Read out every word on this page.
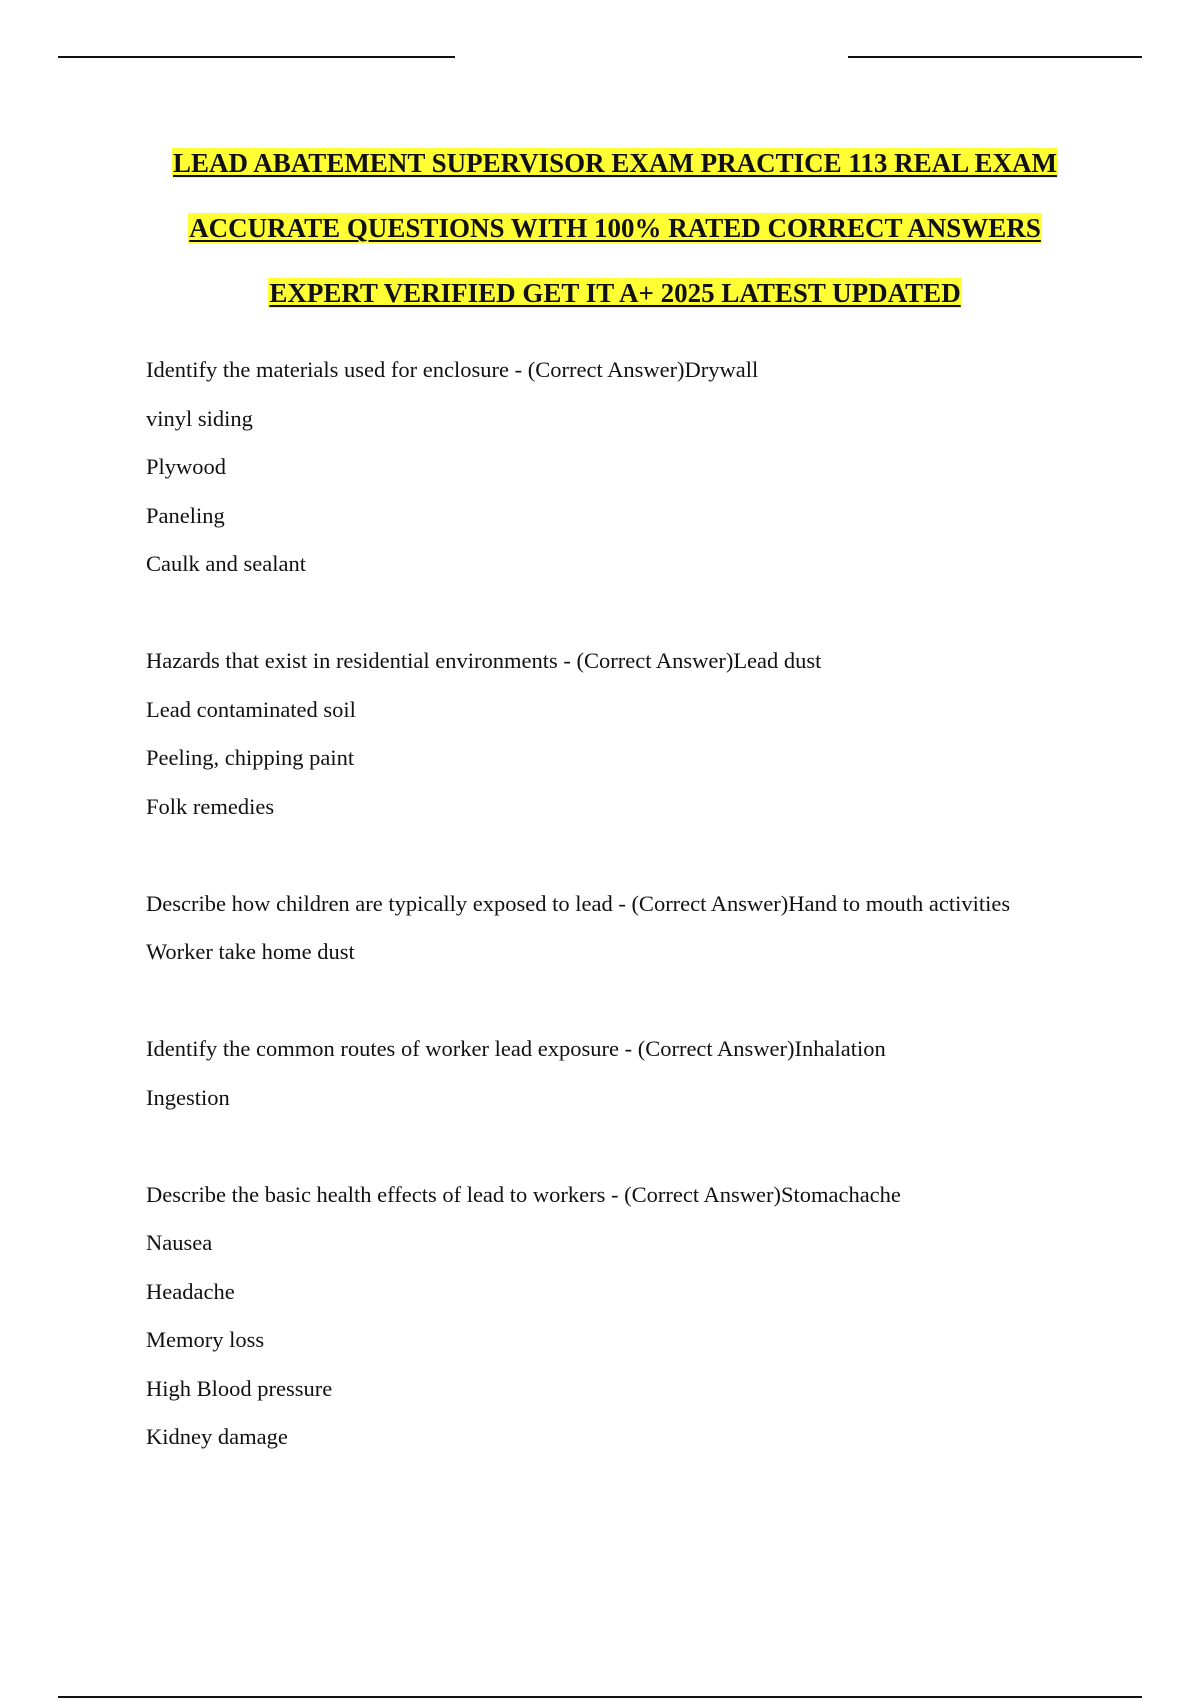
LEAD ABATEMENT SUPERVISOR EXAM PRACTICE 113 REAL EXAM
ACCURATE QUESTIONS WITH 100% RATED CORRECT ANSWERS
EXPERT VERIFIED GET IT A+ 2025 LATEST UPDATED
Identify the materials used for enclosure - (Correct Answer)Drywall
vinyl siding
Plywood
Paneling
Caulk and sealant
Hazards that exist in residential environments - (Correct Answer)Lead dust
Lead contaminated soil
Peeling, chipping paint
Folk remedies
Describe how children are typically exposed to lead - (Correct Answer)Hand to mouth activities
Worker take home dust
Identify the common routes of worker lead exposure - (Correct Answer)Inhalation
Ingestion
Describe the basic health effects of lead to workers - (Correct Answer)Stomachache
Nausea
Headache
Memory loss
High Blood pressure
Kidney damage
